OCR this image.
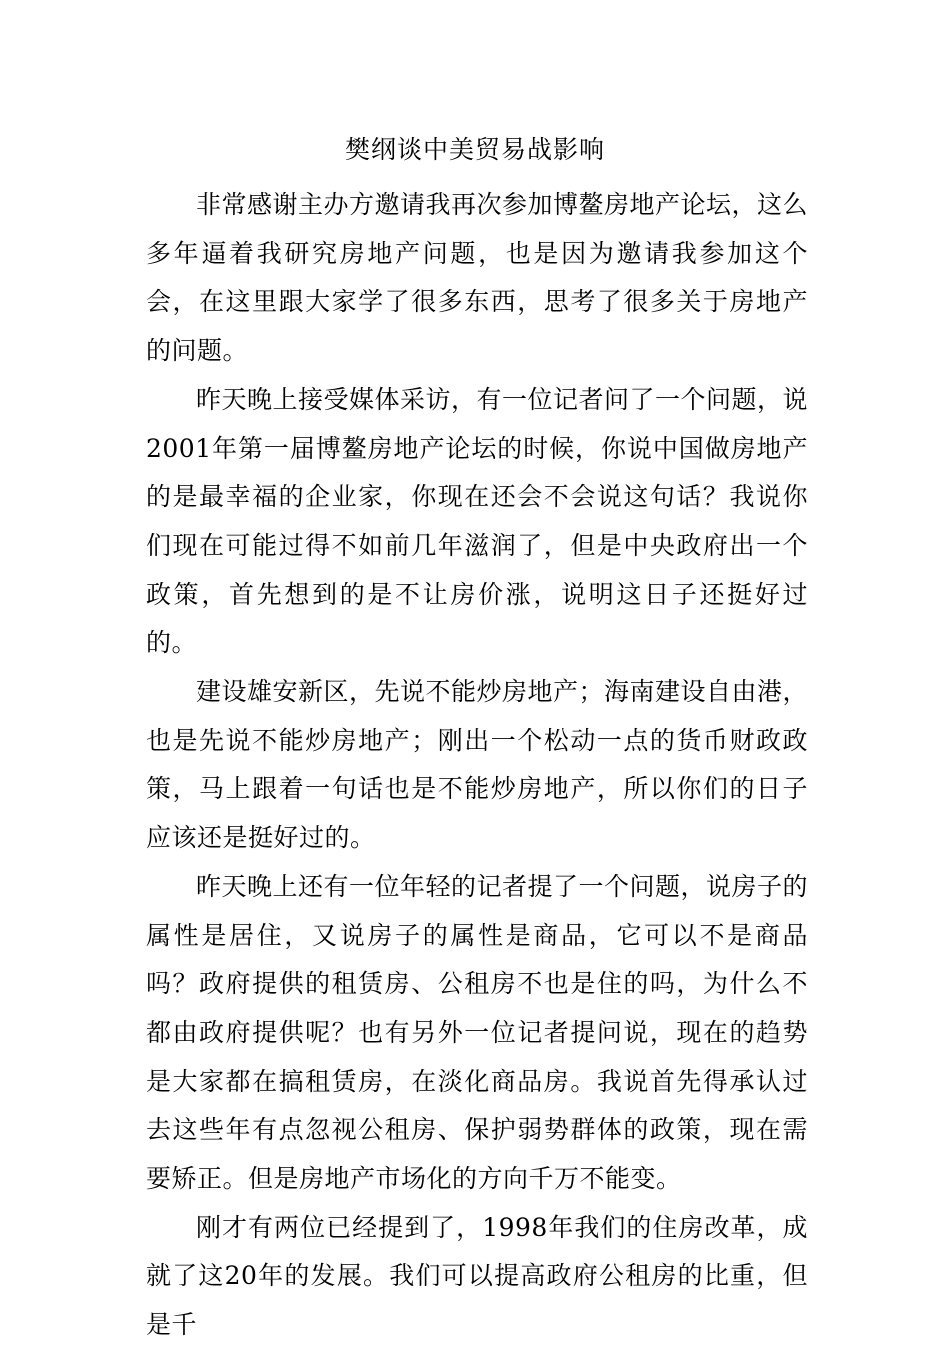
樊纲谈中美贸易战影响

非常感谢主办方邀请我再次参加博鳌房地产论坛，这么多年逼着我研究房地产问题，也是因为邀请我参加这个会，在这里跟大家学了很多东西，思考了很多关于房地产的问题。

昨天晚上接受媒体采访，有一位记者问了一个问题，说2001年第一届博鳌房地产论坛的时候，你说中国做房地产的是最幸福的企业家，你现在还会不会说这句话？我说你们现在可能过得不如前几年滋润了，但是中央政府出一个政策，首先想到的是不让房价涨，说明这日子还挺好过的。

建设雄安新区，先说不能炒房地产；海南建设自由港，也是先说不能炒房地产；刚出一个松动一点的货币财政政策，马上跟着一句话也是不能炒房地产，所以你们的日子应该还是挺好过的。

昨天晚上还有一位年轻的记者提了一个问题，说房子的属性是居住，又说房子的属性是商品，它可以不是商品吗？政府提供的租赁房、公租房不也是住的吗，为什么不都由政府提供呢？也有另外一位记者提问说，现在的趋势是大家都在搞租赁房，在淡化商品房。我说首先得承认过去这些年有点忽视公租房、保护弱势群体的政策，现在需要矫正。但是房地产市场化的方向千万不能变。

刚才有两位已经提到了，1998年我们的住房改革，成就了这20年的发展。我们可以提高政府公租房的比重，但是千
